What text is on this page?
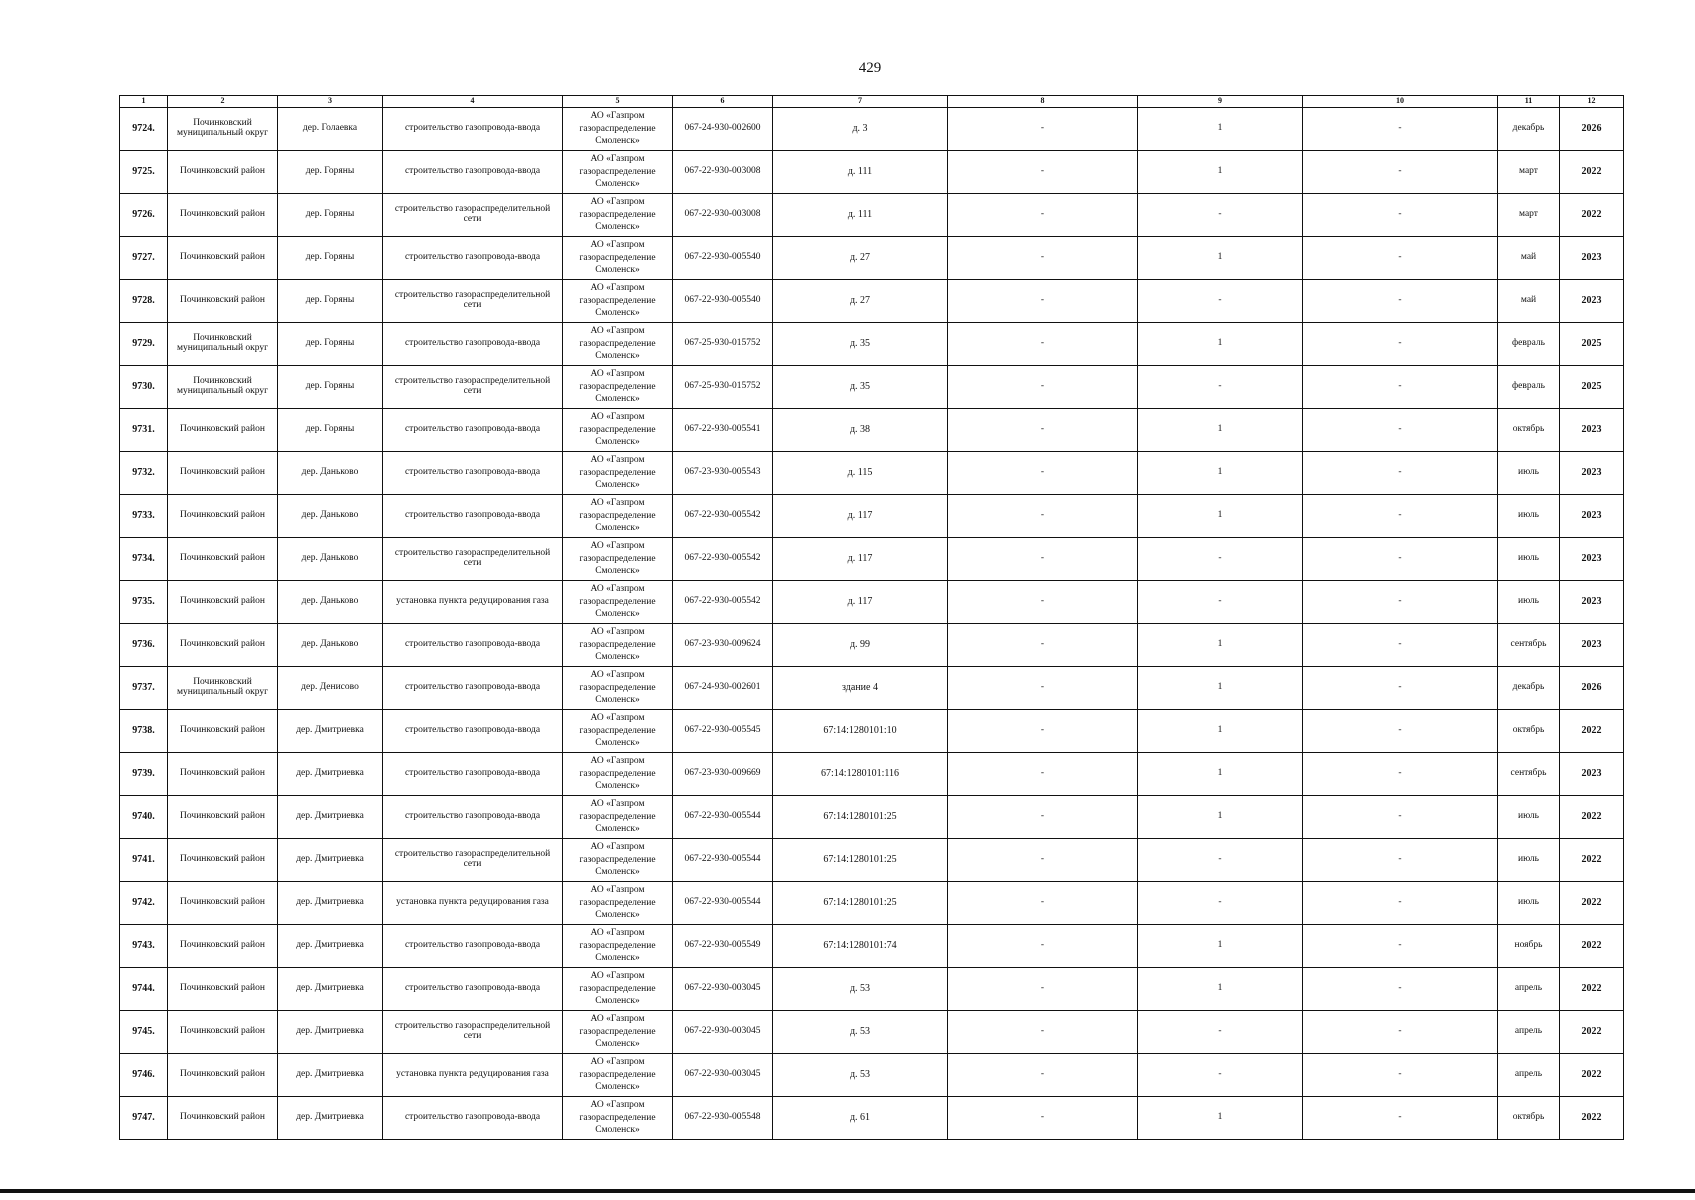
429
1	2	3	4	5	6	7	8	9	10	11	12
9724.	Починковский муниципальный округ	дер. Голаевка	строительство газопровода-ввода	АО «Газпром газораспределение Смоленск»	067-24-930-002600	д. 3	-	1	-	декабрь	2026
9725.	Починковский район	дер. Горяны	строительство газопровода-ввода	АО «Газпром газораспределение Смоленск»	067-22-930-003008	д. 111	-	1	-	март	2022
9726.	Починковский район	дер. Горяны	строительство газораспределительной сети	АО «Газпром газораспределение Смоленск»	067-22-930-003008	д. 111	-	-	-	март	2022
9727.	Починковский район	дер. Горяны	строительство газопровода-ввода	АО «Газпром газораспределение Смоленск»	067-22-930-005540	д. 27	-	1	-	май	2023
9728.	Починковский район	дер. Горяны	строительство газораспределительной сети	АО «Газпром газораспределение Смоленск»	067-22-930-005540	д. 27	-	-	-	май	2023
9729.	Починковский муниципальный округ	дер. Горяны	строительство газопровода-ввода	АО «Газпром газораспределение Смоленск»	067-25-930-015752	д. 35	-	1	-	февраль	2025
9730.	Починковский муниципальный округ	дер. Горяны	строительство газораспределительной сети	АО «Газпром газораспределение Смоленск»	067-25-930-015752	д. 35	-	-	-	февраль	2025
9731.	Починковский район	дер. Горяны	строительство газопровода-ввода	АО «Газпром газораспределение Смоленск»	067-22-930-005541	д. 38	-	1	-	октябрь	2023
9732.	Починковский район	дер. Даньково	строительство газопровода-ввода	АО «Газпром газораспределение Смоленск»	067-23-930-005543	д. 115	-	1	-	июль	2023
9733.	Починковский район	дер. Даньково	строительство газопровода-ввода	АО «Газпром газораспределение Смоленск»	067-22-930-005542	д. 117	-	1	-	июль	2023
9734.	Починковский район	дер. Даньково	строительство газораспределительной сети	АО «Газпром газораспределение Смоленск»	067-22-930-005542	д. 117	-	-	-	июль	2023
9735.	Починковский район	дер. Даньково	установка пункта редуцирования газа	АО «Газпром газораспределение Смоленск»	067-22-930-005542	д. 117	-	-	-	июль	2023
9736.	Починковский район	дер. Даньково	строительство газопровода-ввода	АО «Газпром газораспределение Смоленск»	067-23-930-009624	д. 99	-	1	-	сентябрь	2023
9737.	Починковский муниципальный округ	дер. Денисово	строительство газопровода-ввода	АО «Газпром газораспределение Смоленск»	067-24-930-002601	здание 4	-	1	-	декабрь	2026
9738.	Починковский район	дер. Дмитриевка	строительство газопровода-ввода	АО «Газпром газораспределение Смоленск»	067-22-930-005545	67:14:1280101:10	-	1	-	октябрь	2022
9739.	Починковский район	дер. Дмитриевка	строительство газопровода-ввода	АО «Газпром газораспределение Смоленск»	067-23-930-009669	67:14:1280101:116	-	1	-	сентябрь	2023
9740.	Починковский район	дер. Дмитриевка	строительство газопровода-ввода	АО «Газпром газораспределение Смоленск»	067-22-930-005544	67:14:1280101:25	-	1	-	июль	2022
9741.	Починковский район	дер. Дмитриевка	строительство газораспределительной сети	АО «Газпром газораспределение Смоленск»	067-22-930-005544	67:14:1280101:25	-	-	-	июль	2022
9742.	Починковский район	дер. Дмитриевка	установка пункта редуцирования газа	АО «Газпром газораспределение Смоленск»	067-22-930-005544	67:14:1280101:25	-	-	-	июль	2022
9743.	Починковский район	дер. Дмитриевка	строительство газопровода-ввода	АО «Газпром газораспределение Смоленск»	067-22-930-005549	67:14:1280101:74	-	1	-	ноябрь	2022
9744.	Починковский район	дер. Дмитриевка	строительство газопровода-ввода	АО «Газпром газораспределение Смоленск»	067-22-930-003045	д. 53	-	1	-	апрель	2022
9745.	Починковский район	дер. Дмитриевка	строительство газораспределительной сети	АО «Газпром газораспределение Смоленск»	067-22-930-003045	д. 53	-	-	-	апрель	2022
9746.	Починковский район	дер. Дмитриевка	установка пункта редуцирования газа	АО «Газпром газораспределение Смоленск»	067-22-930-003045	д. 53	-	-	-	апрель	2022
9747.	Починковский район	дер. Дмитриевка	строительство газопровода-ввода	АО «Газпром газораспределение Смоленск»	067-22-930-005548	д. 61	-	1	-	октябрь	2022
